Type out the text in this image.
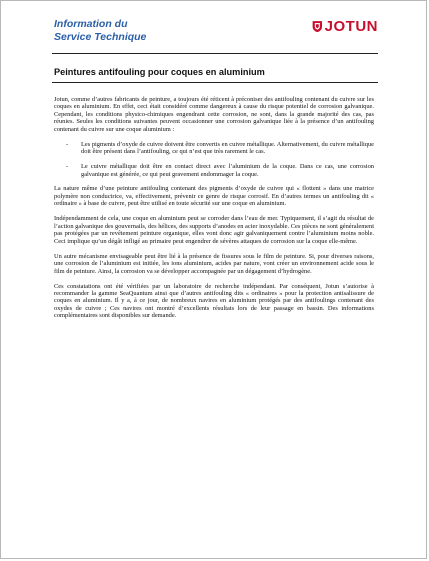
Information du
Service Technique
JOTUN
Peintures antifouling pour coques en aluminium

Jotun, comme d’autres fabricants de peinture, a toujours été réticent à préconiser des antifouling contenant du cuivre sur les coques en aluminium. En effet, ceci était considéré comme dangereux à cause du risque potentiel de corrosion galvanique. Cependant, les conditions physico-chimiques engendrant cette corrosion, ne sont, dans la grande majorité des cas, pas réunies. Seules les conditions suivantes peuvent occasionner une corrosion galvanique liée à la présence d’un antifouling contenant du cuivre sur une coque aluminium :

- Les pigments d’oxyde de cuivre doivent être convertis en cuivre métallique. Alternativement, du cuivre métallique doit être présent dans l’antifouling, ce qui n’est que très rarement le cas.
- Le cuivre métallique doit être en contact direct avec l’aluminium de la coque. Dans ce cas, une corrosion galvanique est générée, ce qui peut gravement endommager la coque.

La nature même d’une peinture antifouling contenant des pigments d’oxyde de cuivre qui « flottent » dans une matrice polymère non conductrice, va, effectivement, prévenir ce genre de risque corrosif. En d’autres termes un antifouling dit « ordinaire » à base de cuivre, peut être utilisé en toute sécurité sur une coque en aluminium.

Indépendamment de cela, une coque en aluminium peut se corroder dans l’eau de mer. Typiquement, il s’agit du résultat de l’action galvanique des gouvernails, des hélices, des supports d’anodes en acier inoxydable. Ces pièces ne sont généralement pas protégées par un revêtement peinture organique, elles vont donc agir galvaniquement contre l’aluminium moins noble. Ceci implique qu’un dégât infligé au primaire peut engendrer de sévères attaques de corrosion sur la coque elle-même.

Un autre mécanisme envisageable peut être lié à la présence de fissures sous le film de peinture. Si, pour diverses raisons, une corrosion de l’aluminium est initiée, les ions aluminium, acides par nature, vont créer un environnement acide sous le film de peinture. Ainsi, la corrosion va se développer accompagnée par un dégagement d’hydrogène.

Ces constatations ont été vérifiées par un laboratoire de recherche indépendant. Par conséquent, Jotun s’autorise à recommander la gamme SeaQuantum ainsi que d’autres antifouling dits « ordinaires » pour la protection antisalissure de coques en aluminium. Il y a, à ce jour, de nombreux navires en aluminium protégés par des antifoulings contenant des oxydes de cuivre ; Ces navires ont montré d’excellents résultats lors de leur passage en bassin. Des informations complémentaires sont disponibles sur demande.
